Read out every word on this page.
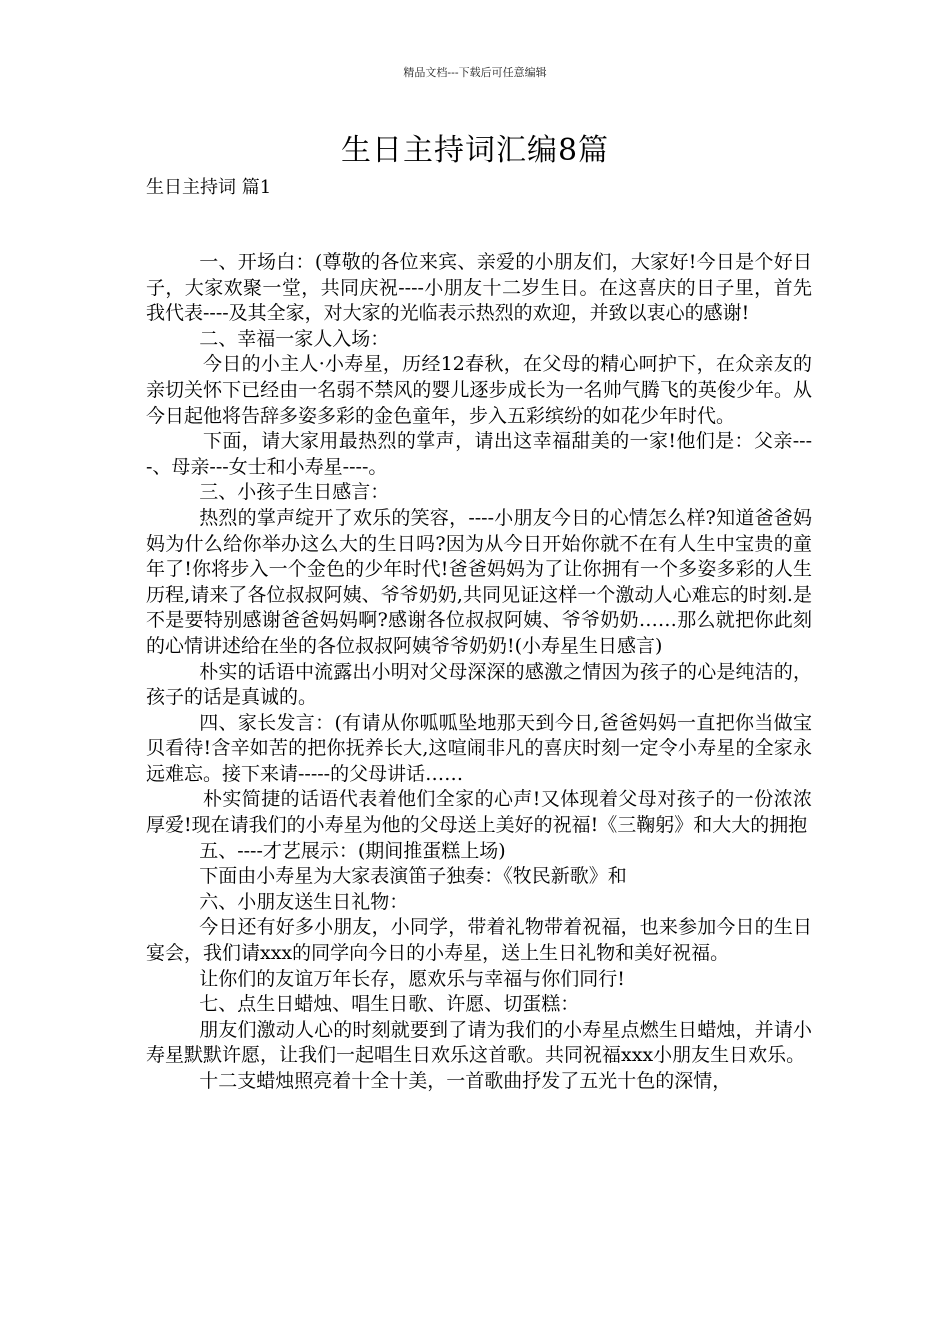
精品文档---下载后可任意编辑
生日主持词汇编8篇
生日主持词 篇1

一、开场白：(尊敬的各位来宾、亲爱的小朋友们，大家好!今日是个好日子，大家欢聚一堂，共同庆祝----小朋友十二岁生日。在这喜庆的日子里，首先我代表----及其全家，对大家的光临表示热烈的欢迎，并致以衷心的感谢!

二、幸福一家人入场：

今日的小主人·小寿星，历经12春秋，在父母的精心呵护下，在众亲友的亲切关怀下已经由一名弱不禁风的婴儿逐步成长为一名帅气腾飞的英俊少年。从今日起他将告辞多姿多彩的金色童年，步入五彩缤纷的如花少年时代。

下面，请大家用最热烈的掌声，请出这幸福甜美的一家!他们是：父亲----、母亲---女士和小寿星----。

三、小孩子生日感言：

热烈的掌声绽开了欢乐的笑容，----小朋友今日的心情怎么样?知道爸爸妈妈为什么给你举办这么大的生日吗?因为从今日开始你就不在有人生中宝贵的童年了!你将步入一个金色的少年时代!爸爸妈妈为了让你拥有一个多姿多彩的人生历程,请来了各位叔叔阿姨、爷爷奶奶,共同见证这样一个激动人心难忘的时刻.是不是要特别感谢爸爸妈妈啊?感谢各位叔叔阿姨、爷爷奶奶……那么就把你此刻的心情讲述给在坐的各位叔叔阿姨爷爷奶奶!(小寿星生日感言)

朴实的话语中流露出小明对父母深深的感激之情因为孩子的心是纯洁的，孩子的话是真诚的。

四、家长发言：(有请从你呱呱坠地那天到今日,爸爸妈妈一直把你当做宝贝看待!含辛如苦的把你抚养长大,这喧闹非凡的喜庆时刻一定令小寿星的全家永远难忘。接下来请-----的父母讲话……

朴实简捷的话语代表着他们全家的心声!又体现着父母对孩子的一份浓浓厚爱!现在请我们的小寿星为他的父母送上美好的祝福!《三鞠躬》和大大的拥抱

五、----才艺展示：(期间推蛋糕上场)

下面由小寿星为大家表演笛子独奏：《牧民新歌》和

六、小朋友送生日礼物：

今日还有好多小朋友，小同学，带着礼物带着祝福，也来参加今日的生日宴会，我们请xxx的同学向今日的小寿星，送上生日礼物和美好祝福。

让你们的友谊万年长存，愿欢乐与幸福与你们同行!

七、点生日蜡烛、唱生日歌、许愿、切蛋糕：

朋友们激动人心的时刻就要到了请为我们的小寿星点燃生日蜡烛，并请小寿星默默许愿，让我们一起唱生日欢乐这首歌。共同祝福xxx小朋友生日欢乐。

十二支蜡烛照亮着十全十美，一首歌曲抒发了五光十色的深情，
